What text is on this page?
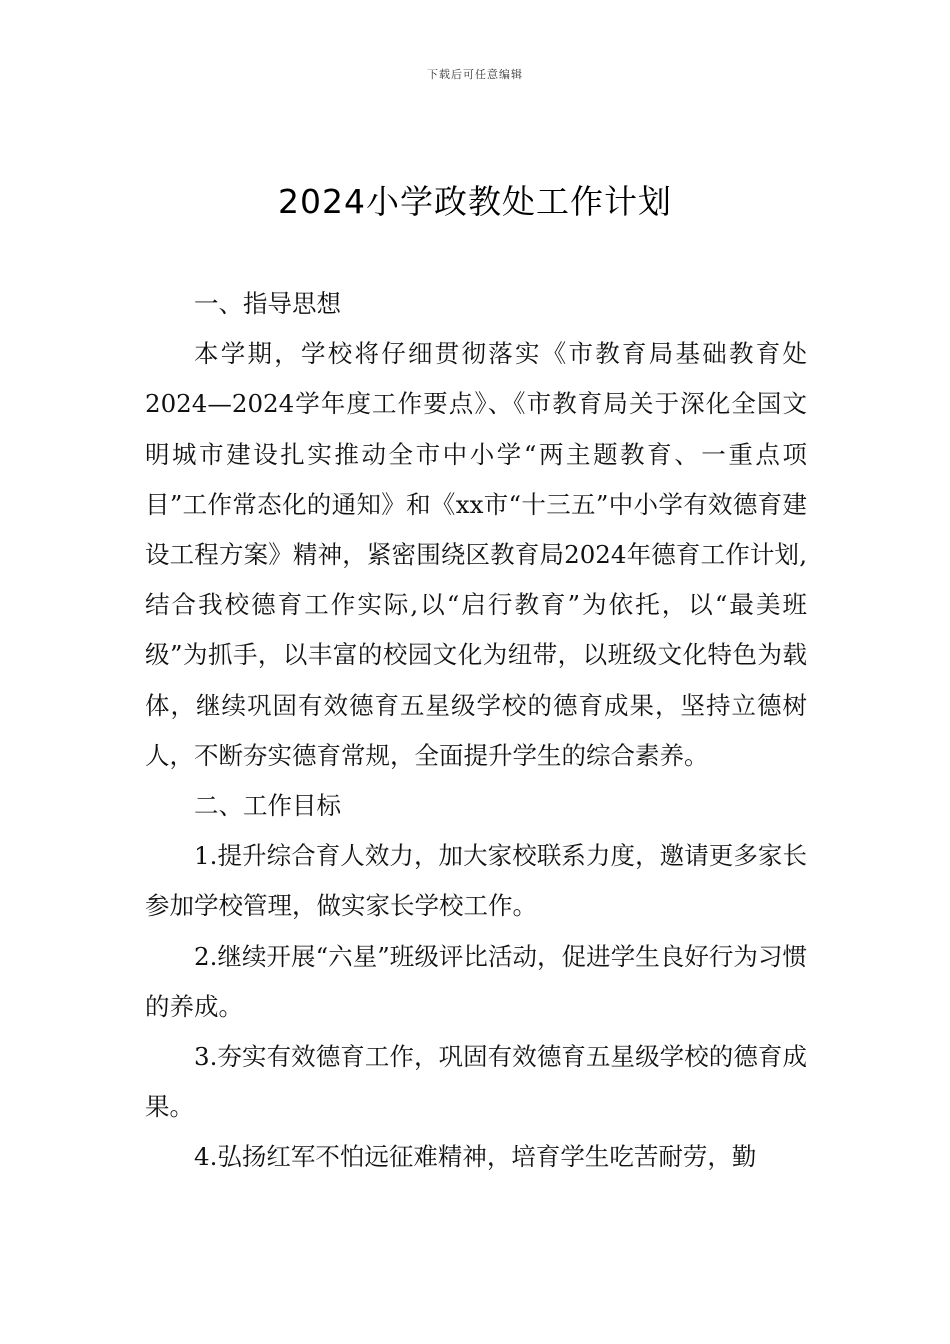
下载后可任意编辑
2024小学政教处工作计划

一、指导思想

本学期，学校将仔细贯彻落实《市教育局基础教育处2024—2024学年度工作要点》、《市教育局关于深化全国文明城市建设扎实推动全市中小学“两主题教育、一重点项目”工作常态化的通知》和《xx市“十三五”中小学有效德育建设工程方案》精神，紧密围绕区教育局2024年德育工作计划,结合我校德育工作实际,以“启行教育”为依托，以“最美班级”为抓手，以丰富的校园文化为纽带，以班级文化特色为载体，继续巩固有效德育五星级学校的德育成果，坚持立德树人，不断夯实德育常规，全面提升学生的综合素养。

二、工作目标

1.提升综合育人效力，加大家校联系力度，邀请更多家长参加学校管理，做实家长学校工作。

2.继续开展“六星”班级评比活动，促进学生良好行为习惯的养成。

3.夯实有效德育工作，巩固有效德育五星级学校的德育成果。

4.弘扬红军不怕远征难精神，培育学生吃苦耐劳，勤
